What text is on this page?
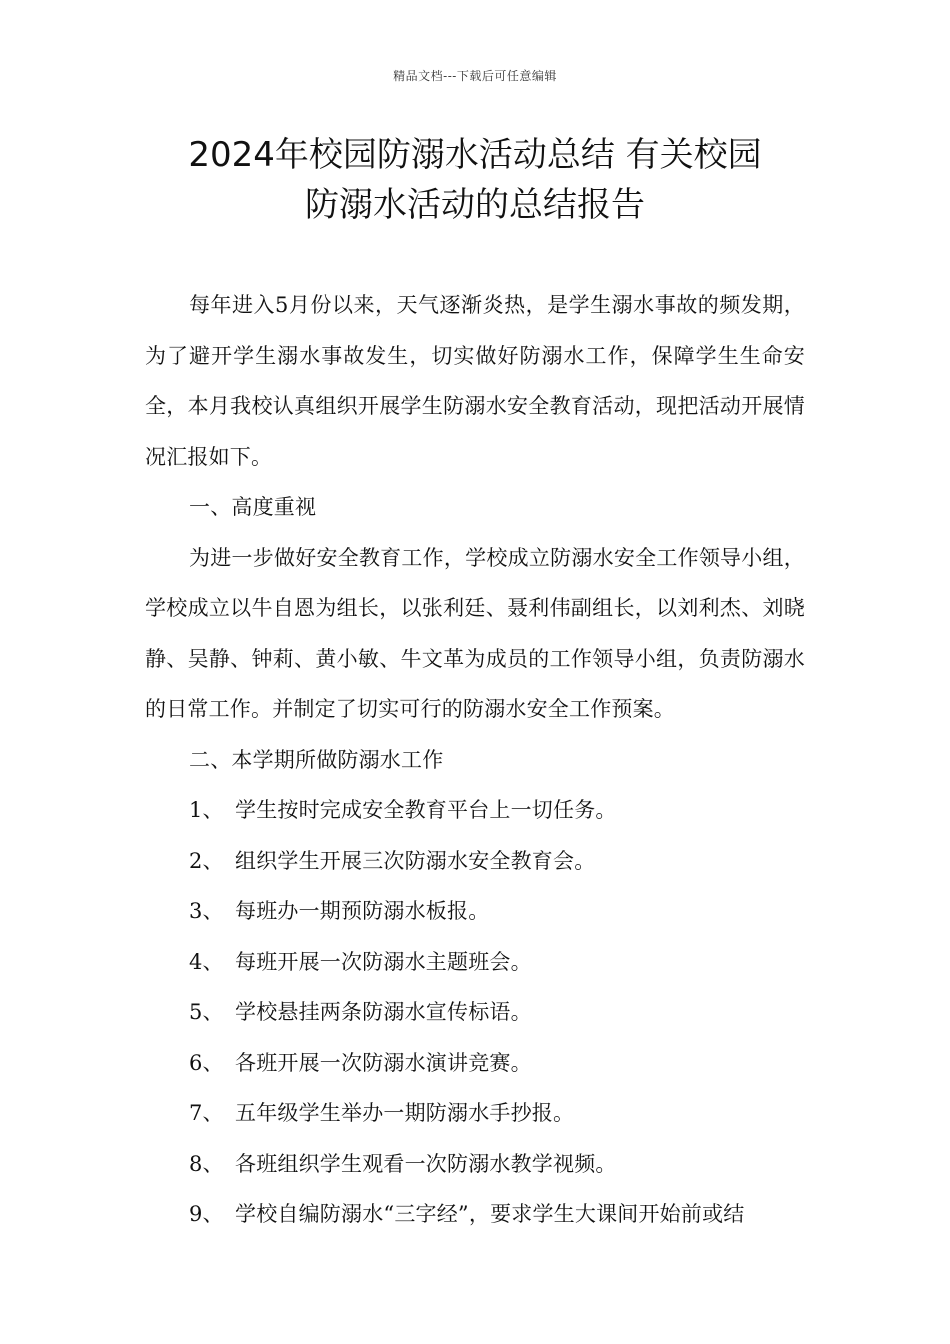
精品文档---下载后可任意编辑
2024年校园防溺水活动总结 有关校园
防溺水活动的总结报告

每年进入5月份以来，天气逐渐炎热，是学生溺水事故的频发期，为了避开学生溺水事故发生，切实做好防溺水工作，保障学生生命安全，本月我校认真组织开展学生防溺水安全教育活动，现把活动开展情况汇报如下。

一、高度重视

为进一步做好安全教育工作，学校成立防溺水安全工作领导小组，学校成立以牛自恩为组长，以张利廷、聂利伟副组长，以刘利杰、刘晓静、吴静、钟莉、黄小敏、牛文革为成员的工作领导小组，负责防溺水的日常工作。并制定了切实可行的防溺水安全工作预案。

二、本学期所做防溺水工作

1、 学生按时完成安全教育平台上一切任务。

2、 组织学生开展三次防溺水安全教育会。

3、 每班办一期预防溺水板报。

4、 每班开展一次防溺水主题班会。

5、 学校悬挂两条防溺水宣传标语。

6、 各班开展一次防溺水演讲竞赛。

7、 五年级学生举办一期防溺水手抄报。

8、 各班组织学生观看一次防溺水教学视频。

9、 学校自编防溺水“三字经”，要求学生大课间开始前或结
